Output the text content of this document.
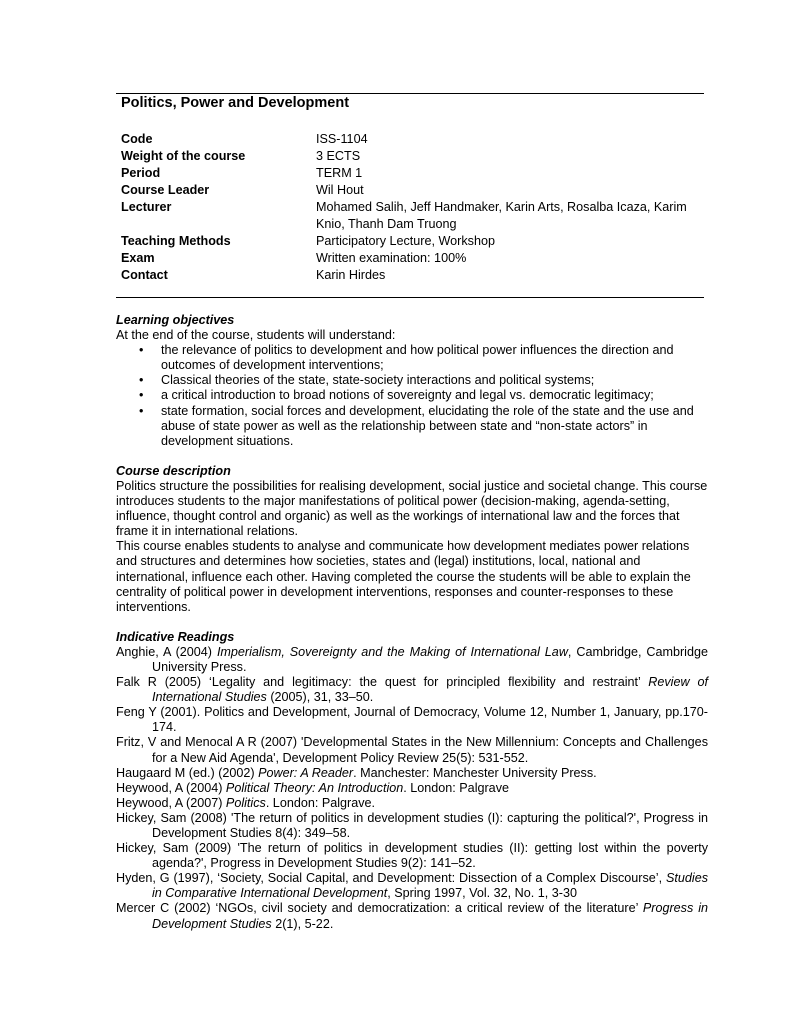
Politics, Power and Development
Code	ISS-1104
Weight of the course	3 ECTS
Period	TERM 1
Course Leader	Wil Hout
Lecturer	Mohamed Salih, Jeff Handmaker, Karin Arts, Rosalba Icaza, Karim Knio, Thanh Dam Truong
Teaching Methods	Participatory Lecture, Workshop
Exam	Written examination: 100%
Contact	Karin Hirdes
Learning objectives
At the end of the course, students will understand:
• the relevance of politics to development and how political power influences the direction and outcomes of development interventions;
• Classical theories of the state, state-society interactions and political systems;
• a critical introduction to broad notions of sovereignty and legal vs. democratic legitimacy;
• state formation, social forces and development, elucidating the role of the state and the use and abuse of state power as well as the relationship between state and “non-state actors” in development situations.
Course description
Politics structure the possibilities for realising development, social justice and societal change. This course introduces students to the major manifestations of political power (decision-making, agenda-setting, influence, thought control and organic) as well as the workings of international law and the forces that frame it in international relations.
This course enables students to analyse and communicate how development mediates power relations and structures and determines how societies, states and (legal) institutions, local, national and international, influence each other. Having completed the course the students will be able to explain the centrality of political power in development interventions, responses and counter-responses to these interventions.
Indicative Readings
Anghie, A (2004) Imperialism, Sovereignty and the Making of International Law, Cambridge, Cambridge University Press.
Falk R (2005) ‘Legality and legitimacy: the quest for principled flexibility and restraint’ Review of International Studies (2005), 31, 33–50.
Feng Y (2001). Politics and Development, Journal of Democracy, Volume 12, Number 1, January, pp.170-174.
Fritz, V and Menocal A R (2007) 'Developmental States in the New Millennium: Concepts and Challenges for a New Aid Agenda', Development Policy Review 25(5): 531-552.
Haugaard M (ed.) (2002) Power: A Reader. Manchester: Manchester University Press.
Heywood, A (2004) Political Theory: An Introduction. London: Palgrave
Heywood, A (2007) Politics. London: Palgrave.
Hickey, Sam (2008) 'The return of politics in development studies (I): capturing the political?', Progress in Development Studies 8(4): 349–58.
Hickey, Sam (2009) 'The return of politics in development studies (II): getting lost within the poverty agenda?', Progress in Development Studies 9(2): 141–52.
Hyden, G (1997), ‘Society, Social Capital, and Development: Dissection of a Complex Discourse’, Studies in Comparative International Development, Spring 1997, Vol. 32, No. 1, 3-30
Mercer C (2002) ‘NGOs, civil society and democratization: a critical review of the literature’ Progress in Development Studies 2(1), 5-22.
